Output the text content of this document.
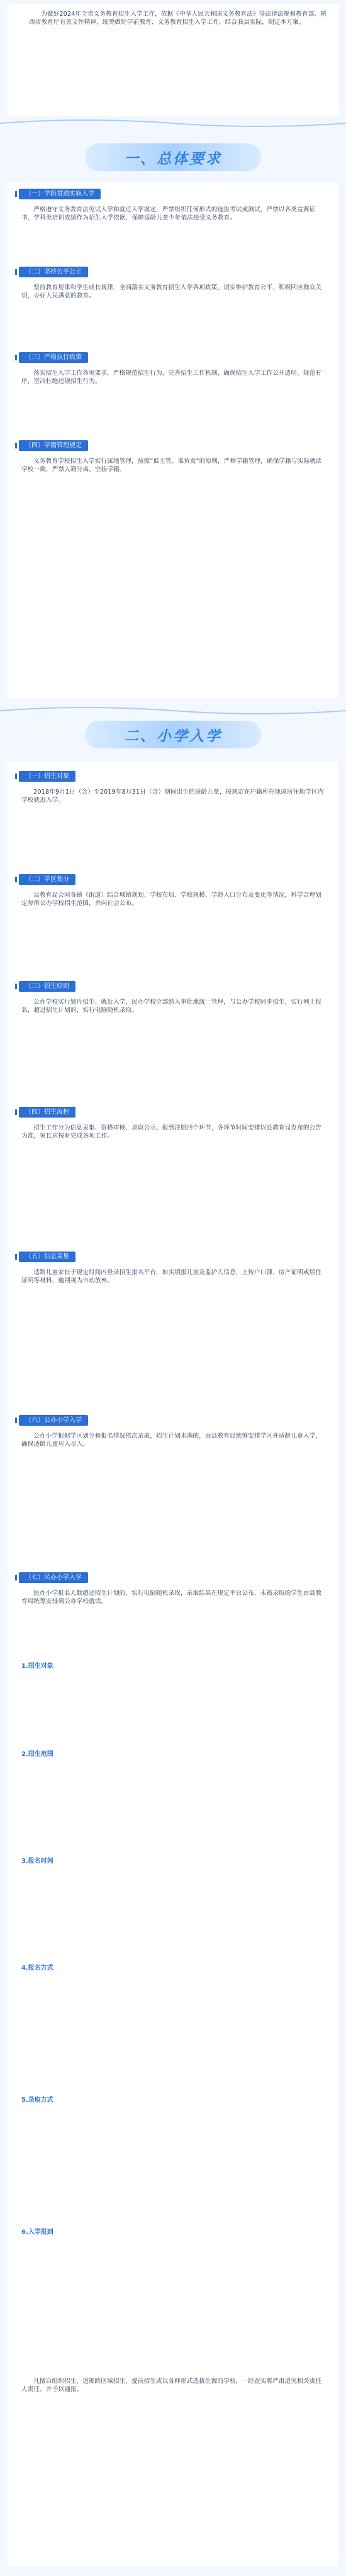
为做好2024年全省义务教育招生入学工作，依据《中华人民共和国义务教育法》等法律法规和教育部、陕西省教育厅有关文件精神，统筹做好学前教育、义务教育招生入学工作，结合我县实际，制定本方案。

一、总体要求
（一）学段贯通实施入学

严格遵守义务教育法免试入学和就近入学规定，严禁组织任何形式的选拔考试或测试，严禁以各类竞赛证书、学科类培训成绩作为招生入学依据，保障适龄儿童少年依法接受义务教育。

（二）坚持公平公正

坚持教育规律和学生成长规律，全面落实义务教育招生入学各项政策，切实维护教育公平，积极回应群众关切，办好人民满意的教育。

（三）严格执行政策

落实招生入学工作各项要求，严格规范招生行为，完善招生工作机制，确保招生入学工作公开透明、规范有序，坚决杜绝违规招生行为。

（四）学籍管理规定

义务教育学校招生入学实行属地管理，按照“谁主管、谁负责”的原则，严格学籍管理，确保学籍与实际就读学校一致，严禁人籍分离、空挂学籍。

二、小学入学
（一）招生对象

2018年9月1日（含）至2019年8月31日（含）期间出生的适龄儿童，按规定在户籍所在地或居住地学区内学校就近入学。

（二）学区划分

县教育局会同各镇（街道）结合城镇规划、学校布局、学校规模、学龄人口分布及变化等情况，科学合理划定每所公办学校招生范围，并向社会公布。

（三）招生原则

公办学校实行划片招生、就近入学，民办学校全部纳入审批地统一管理，与公办学校同步招生，实行网上报名，超过招生计划的，实行电脑随机录取。

（四）招生流程

招生工作分为信息采集、资格审核、录取公示、报到注册四个环节，各环节时间安排以县教育局发布的公告为准，家长应按时完成各项工作。

（五）信息采集

适龄儿童家长于规定时间内登录招生报名平台，如实填报儿童及监护人信息，上传户口簿、房产证明或居住证明等材料，逾期视为自动放弃。

（六）公办小学入学

公办小学根据学区划分和报名情况依次录取，招生计划未满的，由县教育局统筹安排学区外适龄儿童入学，确保适龄儿童应入尽入。

（七）民办小学入学

民办小学报名人数超过招生计划的，实行电脑随机录取，录取结果在规定平台公布，未被录取的学生由县教育局统筹安排到公办学校就读。

1.招生对象
2.招生范围
3.报名时间
4.报名方式
5.录取方式
6.入学报到

凡擅自组织招生、违规跨区域招生、提前招生或以各种形式选拔生源的学校，一经查实将严肃追究相关责任人责任，并予以通报。
